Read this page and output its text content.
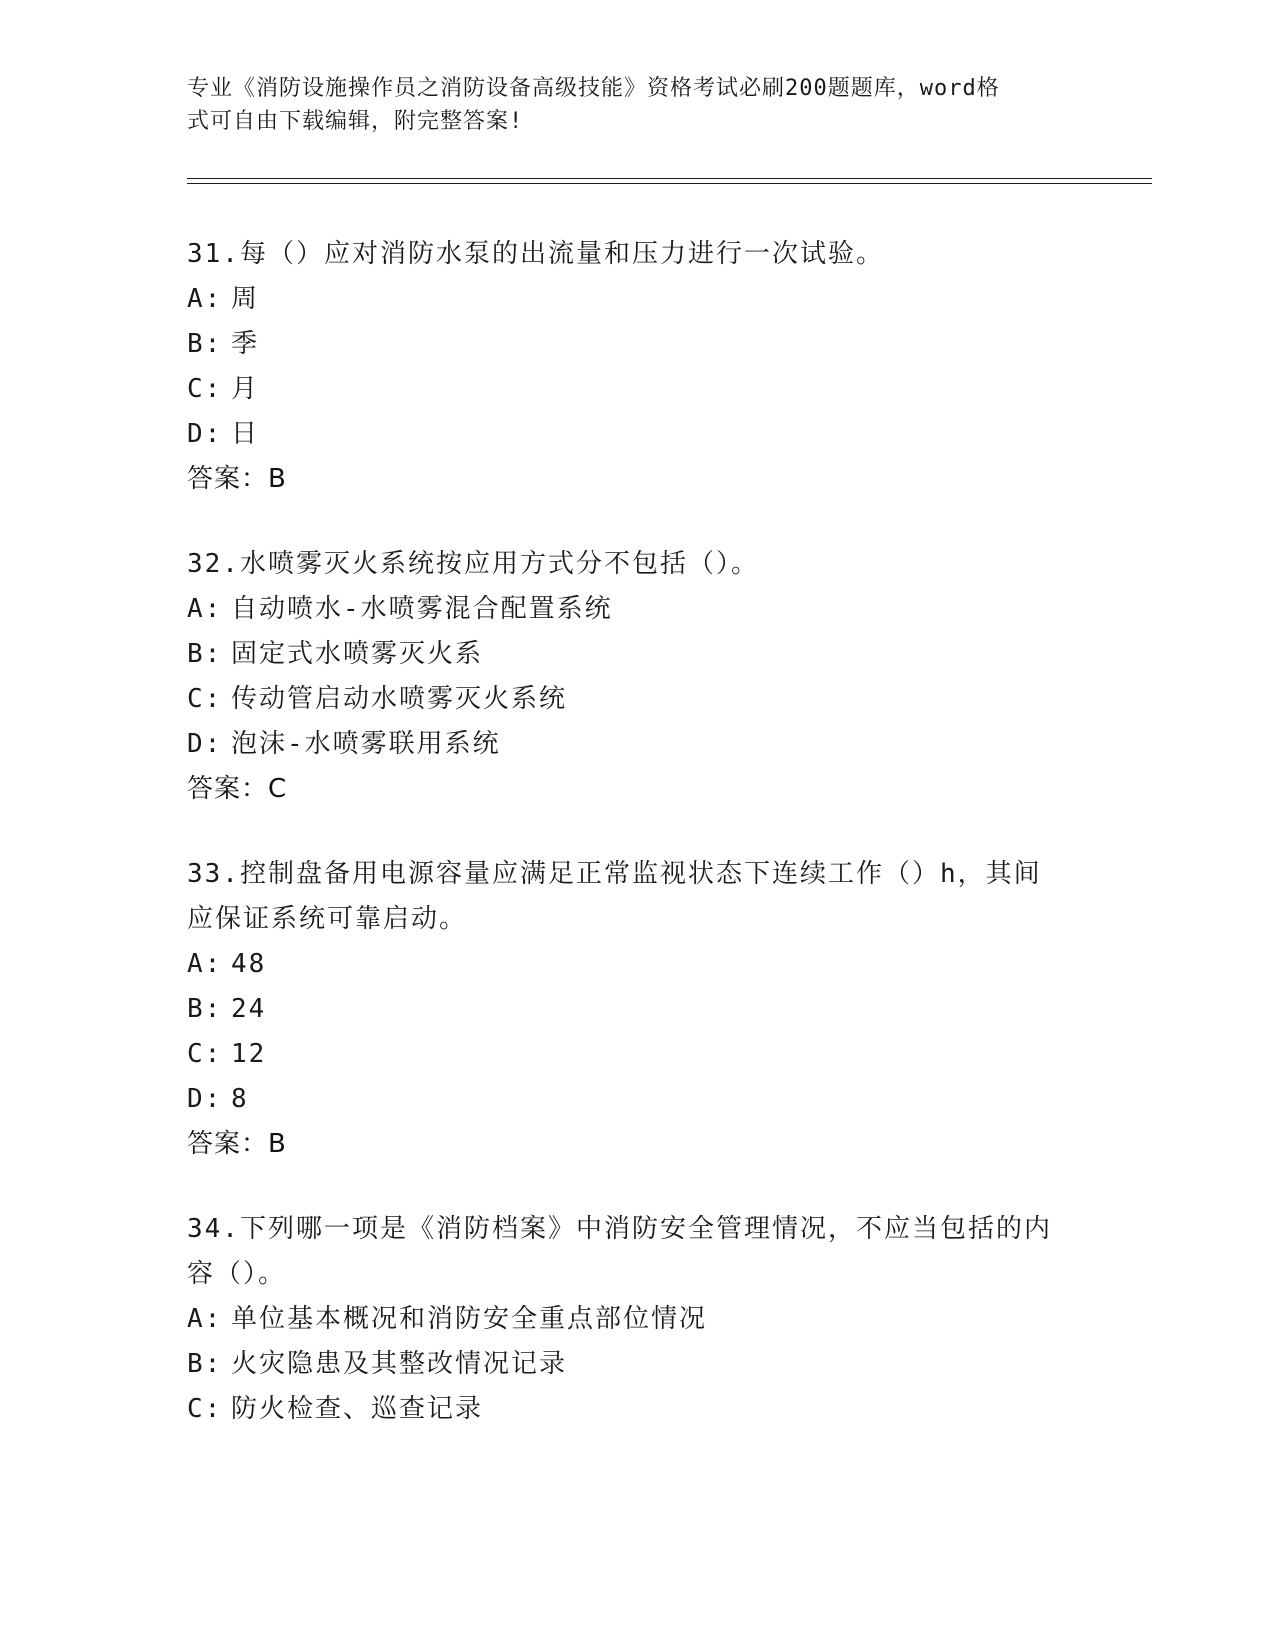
专业《消防设施操作员之消防设备高级技能》资格考试必刷200题题库，word格
式可自由下载编辑，附完整答案!
31.每（）应对消防水泵的出流量和压力进行一次试验。
A: 周
B: 季
C: 月
D: 日
答案：B
32.水喷雾灭火系统按应用方式分不包括（）。
A: 自动喷水-水喷雾混合配置系统
B: 固定式水喷雾灭火系
C: 传动管启动水喷雾灭火系统
D: 泡沫-水喷雾联用系统
答案：C
33.控制盘备用电源容量应满足正常监视状态下连续工作（）h，其间
应保证系统可靠启动。
A: 48
B: 24
C: 12
D: 8
答案：B
34.下列哪一项是《消防档案》中消防安全管理情况，不应当包括的内
容（）。
A: 单位基本概况和消防安全重点部位情况
B: 火灾隐患及其整改情况记录
C: 防火检查、巡查记录
